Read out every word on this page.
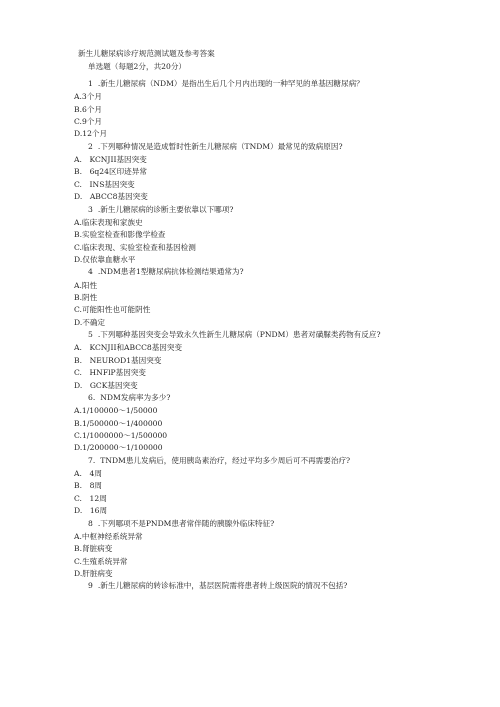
新生儿糖尿病诊疗规范测试题及参考答案
单选题（每题2分，共20分）
1 .新生儿糖尿病（NDM）是指出生后几个月内出现的一种罕见的单基因糖尿病？
A.3个月
B.6个月
C.9个月
D.12个月
2 .下列哪种情况是造成暂时性新生儿糖尿病（TNDM）最常见的致病原因?
A.　KCNJII基因突变
B.　6q24区印迹异常
C.　INS基因突变
D.　ABCC8基因突变
3 .新生儿糖尿病的诊断主要依靠以下哪项?
A.临床表现和家族史
B.实验室检查和影像学检查
C.临床表现、实验室检查和基因检测
D.仅依靠血糖水平
4 .NDM患者1型糖尿病抗体检测结果通常为?
A.阳性
B.阴性
C.可能阳性也可能阴性
D.不确定
5 .下列哪种基因突变会导致永久性新生儿糖尿病（PNDM）患者对磺脲类药物有反应?
A.　KCNJII和ABCC8基因突变
B.　NEUROD1基因突变
C.　HNFlP基因突变
D.　GCK基因突变
6. NDM发病率为多少?
A.1/100000～1/50000
B.1/500000～1/400000
C.1/1000000～1/500000
D.1/200000～1/100000
7. TNDM患儿发病后，使用胰岛素治疗，经过平均多少周后可不再需要治疗?
A.　4周
B.　8周
C.　12周
D.　16周
8 .下列哪项不是PNDM患者常伴随的胰腺外临床特征?
A.中枢神经系统异常
B.肾脏病变
C.生殖系统异常
D.肝脏病变
9 .新生儿糖尿病的转诊标准中，基层医院需将患者转上级医院的情况不包括?
